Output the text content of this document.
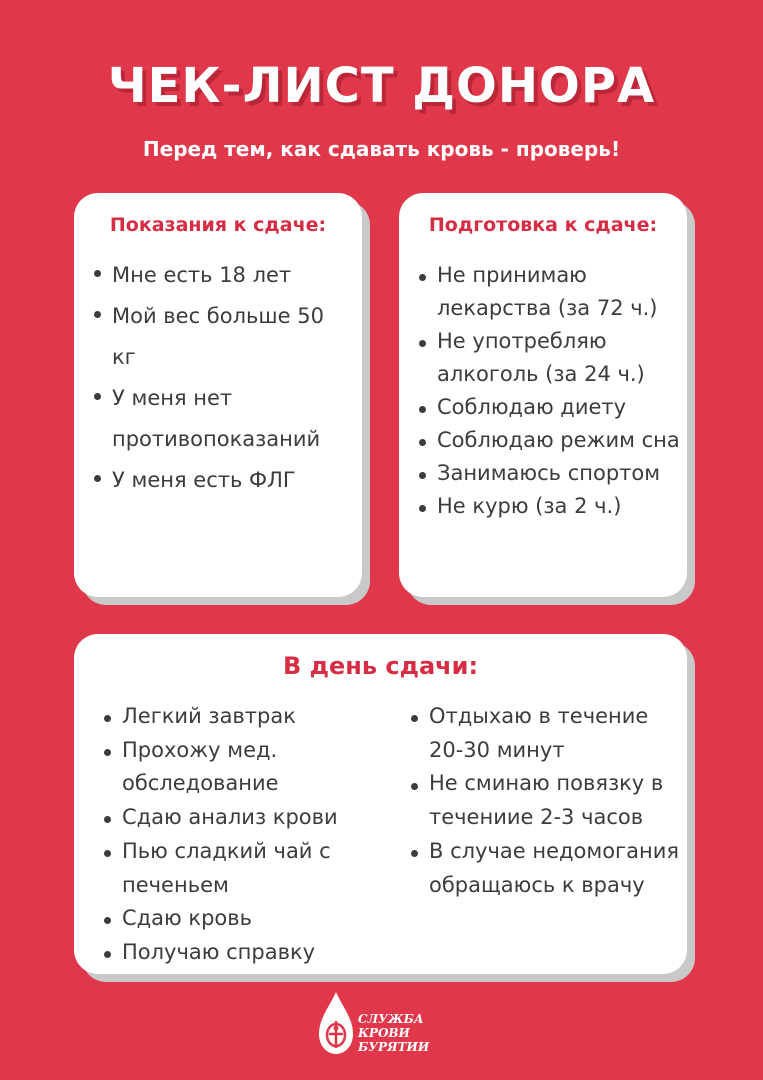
ЧЕК-ЛИСТ ДОНОРА
Перед тем, как сдавать кровь - проверь!
Показания к сдаче:
Мне есть 18 лет
Мой вес больше 50 кг
У меня нет противопоказаний
У меня есть ФЛГ
Подготовка к сдаче:
Не принимаю лекарства (за 72 ч.)
Не употребляю алкоголь (за 24 ч.)
Соблюдаю диету
Соблюдаю режим сна
Занимаюсь спортом
Не курю (за 2 ч.)
В день сдачи:
Легкий завтрак
Прохожу мед. обследование
Сдаю анализ крови
Пью сладкий чай с печеньем
Сдаю кровь
Получаю справку
Отдыхаю в течение 20-30 минут
Не сминаю повязку в течениие 2-3 часов
В случае недомогания обращаюсь к врачу
СЛУЖБА
КРОВИ
БУРЯТИИ
